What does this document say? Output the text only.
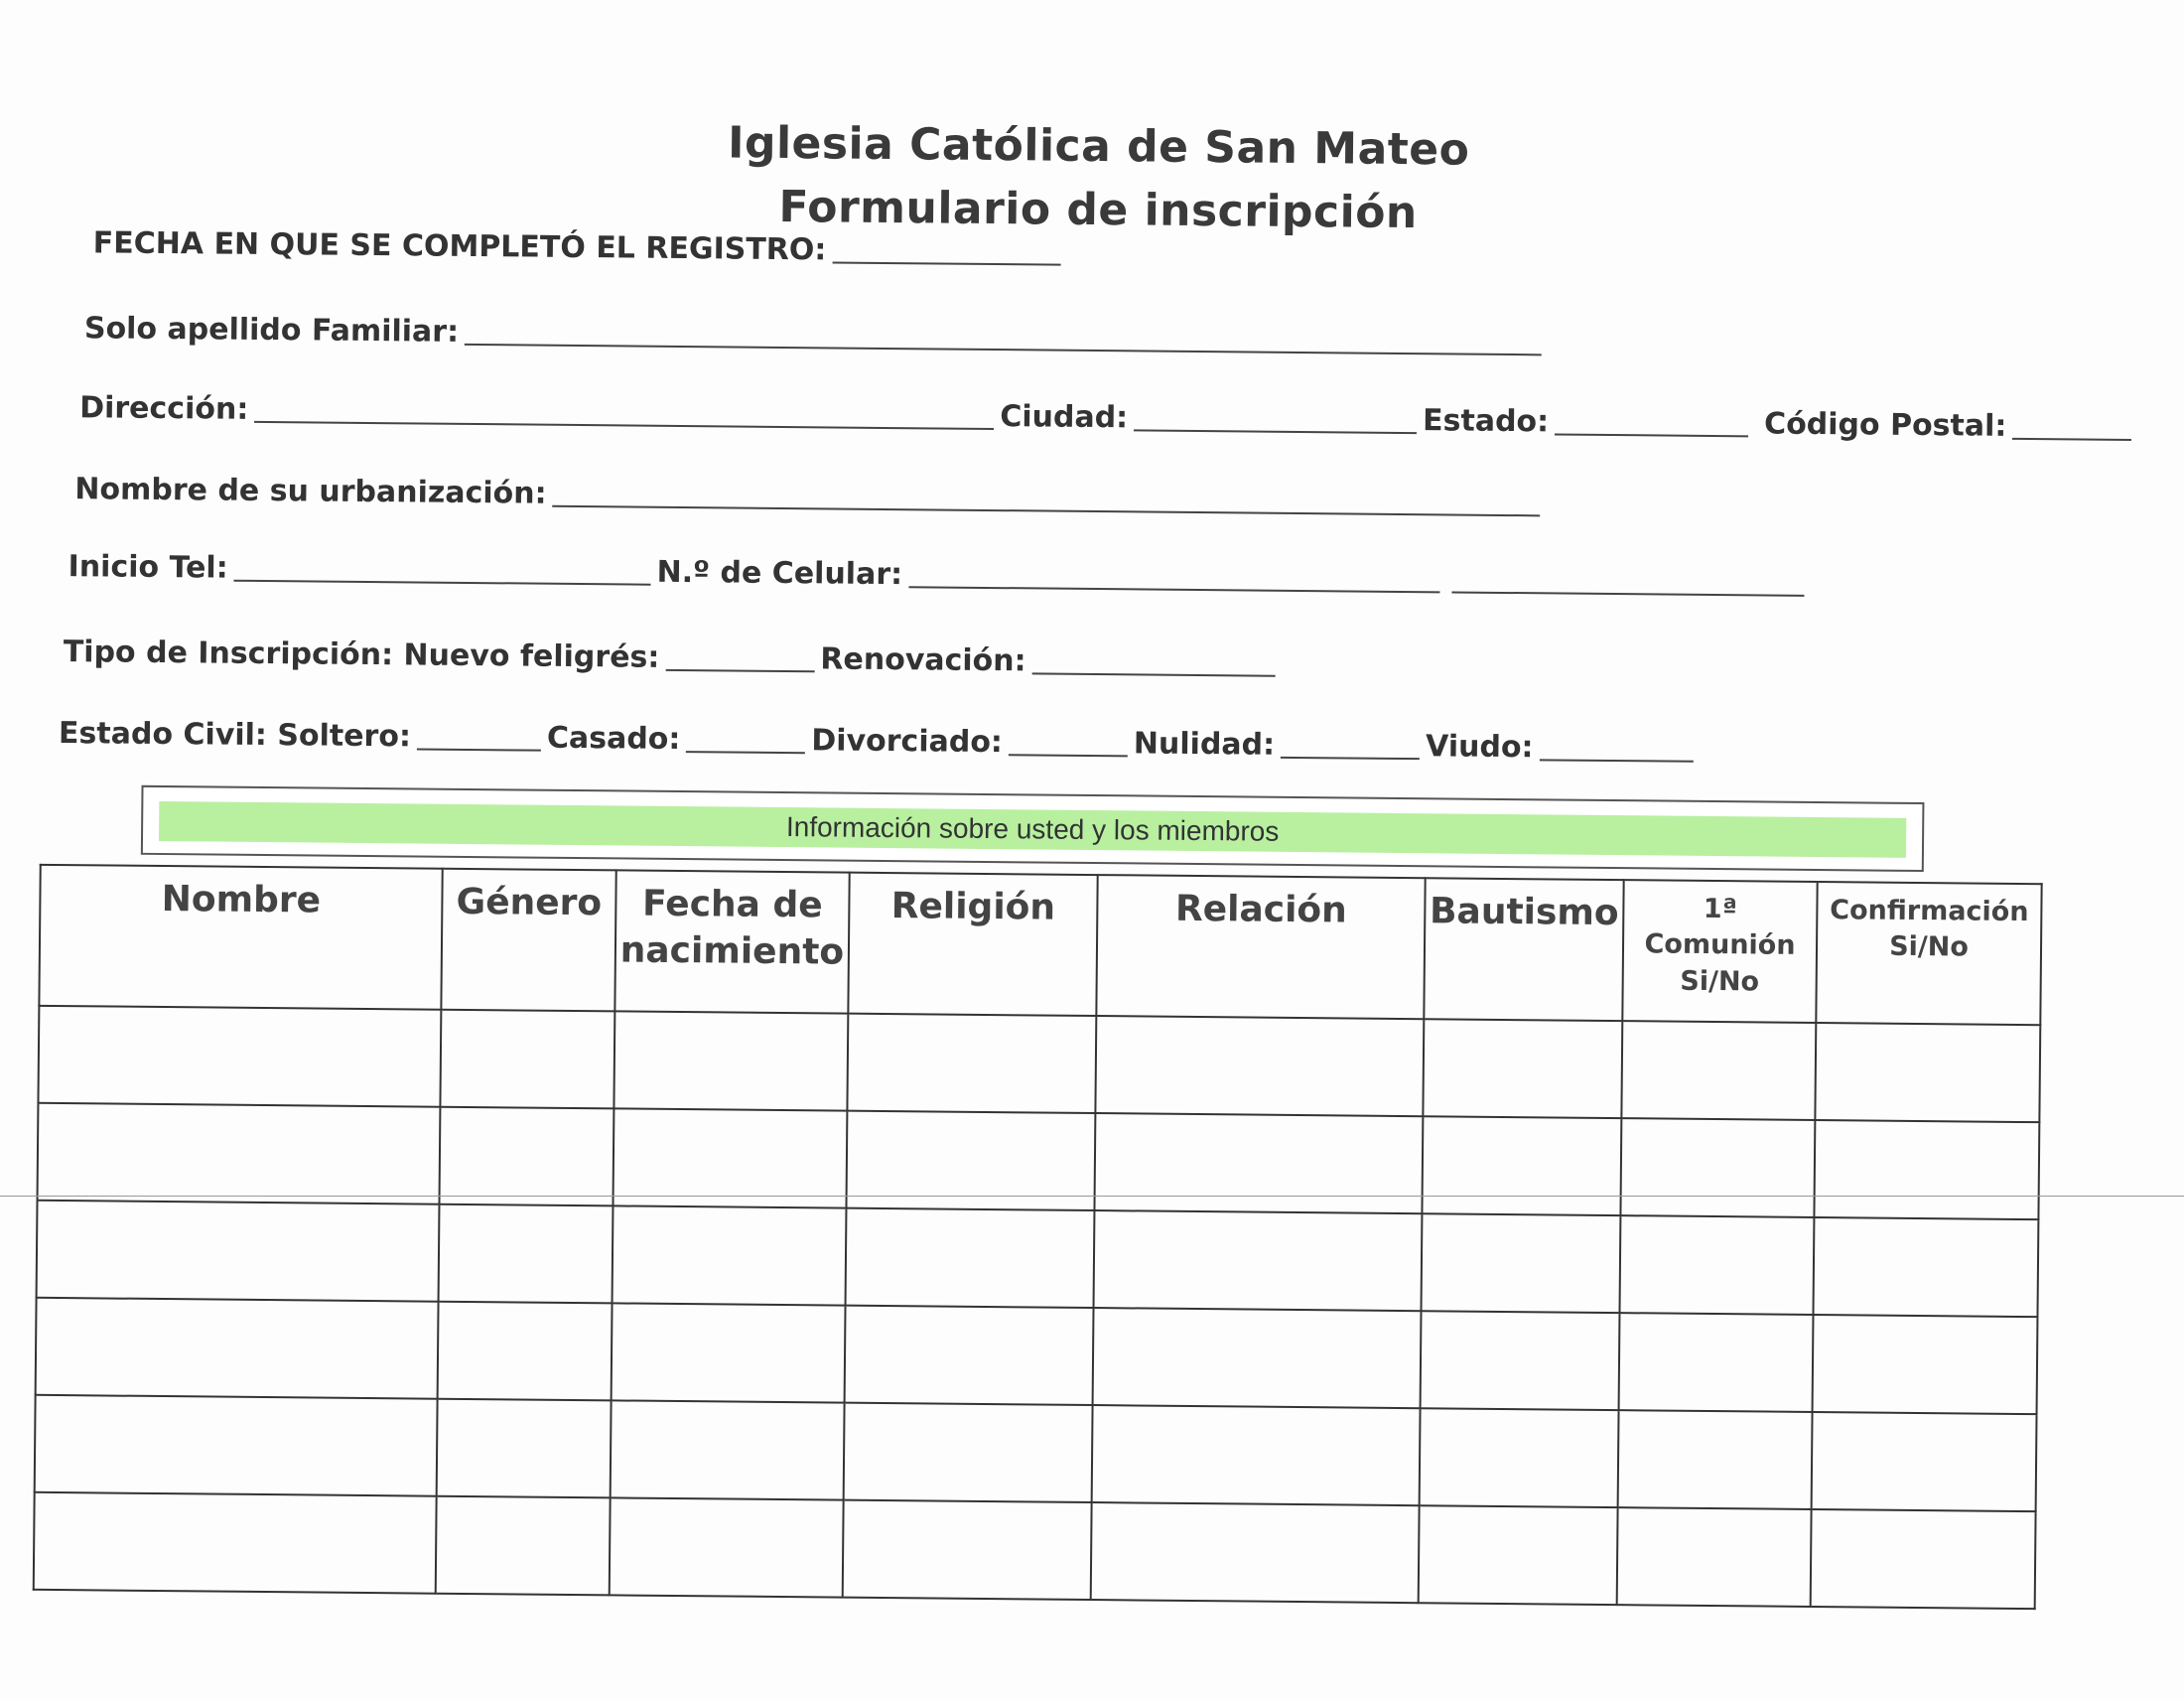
Iglesia Católica de San Mateo
Formulario de inscripción
FECHA EN QUE SE COMPLETÓ EL REGISTRO:
Solo apellido Familiar:
Dirección:	Ciudad:	Estado:	Código Postal:
Nombre de su urbanización:
Inicio Tel:	N.º de Celular:
Tipo de Inscripción: Nuevo feligrés:	Renovación:
Estado Civil: Soltero:	Casado:	Divorciado:	Nulidad:	Viudo:
Información sobre usted y los miembros
Nombre	Género	Fecha de nacimiento	Religión	Relación	Bautismo	1ª Comunión Si/No	Confirmación Si/No
